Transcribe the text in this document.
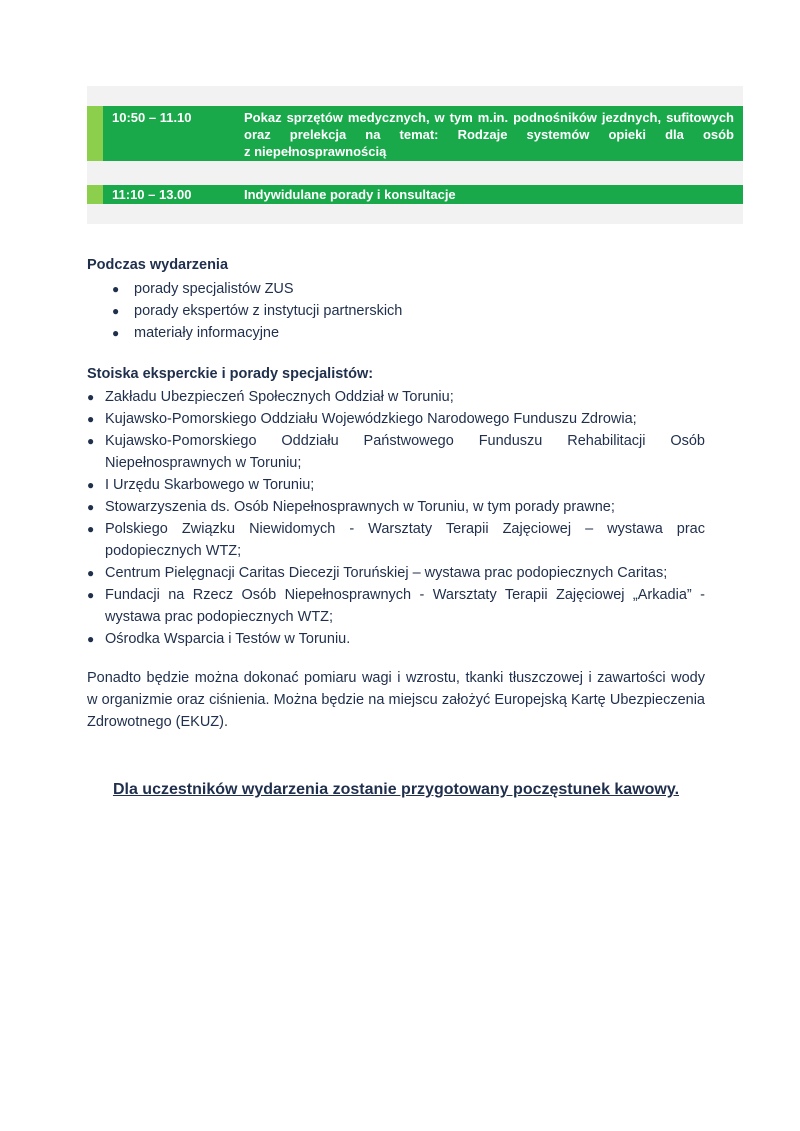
10:50 – 11.10	Pokaz sprzętów medycznych, w tym m.in. podnośników jezdnych, sufitowych
oraz prelekcja na temat: Rodzaje systemów opieki dla osób
z niepełnosprawnością
11:10 – 13.00	Indywidulane porady i konsultacje
Podczas wydarzenia
● porady specjalistów ZUS
● porady ekspertów z instytucji partnerskich
● materiały informacyjne
Stoiska eksperckie i porady specjalistów:
● Zakładu Ubezpieczeń Społecznych Oddział w Toruniu;
● Kujawsko-Pomorskiego Oddziału Wojewódzkiego Narodowego Funduszu Zdrowia;
● Kujawsko-Pomorskiego Oddziału Państwowego Funduszu Rehabilitacji Osób
Niepełnosprawnych w Toruniu;
● I Urzędu Skarbowego w Toruniu;
● Stowarzyszenia ds. Osób Niepełnosprawnych w Toruniu, w tym porady prawne;
● Polskiego Związku Niewidomych - Warsztaty Terapii Zajęciowej – wystawa prac
podopiecznych WTZ;
● Centrum Pielęgnacji Caritas Diecezji Toruńskiej – wystawa prac podopiecznych Caritas;
● Fundacji na Rzecz Osób Niepełnosprawnych - Warsztaty Terapii Zajęciowej „Arkadia” -
wystawa prac podopiecznych WTZ;
● Ośrodka Wsparcia i Testów w Toruniu.

Ponadto będzie można dokonać pomiaru wagi i wzrostu, tkanki tłuszczowej i zawartości wody
w organizmie oraz ciśnienia. Można będzie na miejscu założyć Europejską Kartę Ubezpieczenia
Zdrowotnego (EKUZ).

Dla uczestników wydarzenia zostanie przygotowany poczęstunek kawowy.
